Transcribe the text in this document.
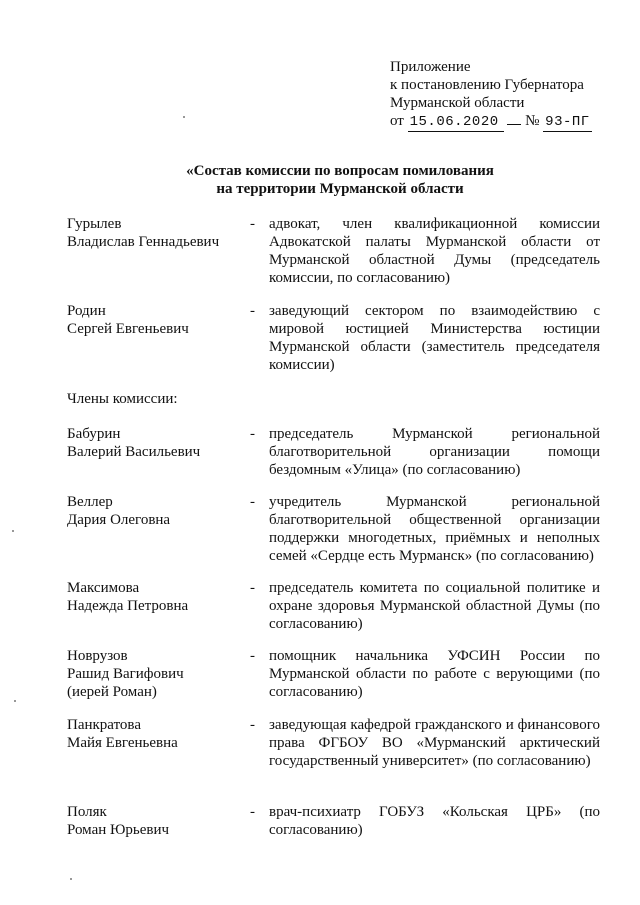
Приложение
к постановлению Губернатора
Мурманской области
от 15.06.2020 № 93-ПГ
«Состав комиссии по вопросам помилования
на территории Мурманской области
Гурылев
Владислав Геннадьевич
- адвокат, член квалификационной комиссии Адвокатской палаты Мурманской области от Мурманской областной Думы (председатель комиссии, по согласованию)
Родин
Сергей Евгеньевич
- заведующий сектором по взаимодействию с мировой юстицией Министерства юстиции Мурманской области (заместитель председателя комиссии)
Члены комиссии:
Бабурин
Валерий Васильевич
- председатель Мурманской региональной благотворительной организации помощи бездомным «Улица» (по согласованию)
Веллер
Дария Олеговна
- учредитель Мурманской региональной благотворительной общественной организации поддержки многодетных, приёмных и неполных семей «Сердце есть Мурманск» (по согласованию)
Максимова
Надежда Петровна
- председатель комитета по социальной политике и охране здоровья Мурманской областной Думы (по согласованию)
Новрузов
Рашид Вагифович
(иерей Роман)
- помощник начальника УФСИН России по Мурманской области по работе с верующими (по согласованию)
Панкратова
Майя Евгеньевна
- заведующая кафедрой гражданского и финансового права ФГБОУ ВО «Мурманский арктический государственный университет» (по согласованию)
Поляк
Роман Юрьевич
- врач-психиатр ГОБУЗ «Кольская ЦРБ» (по согласованию)
